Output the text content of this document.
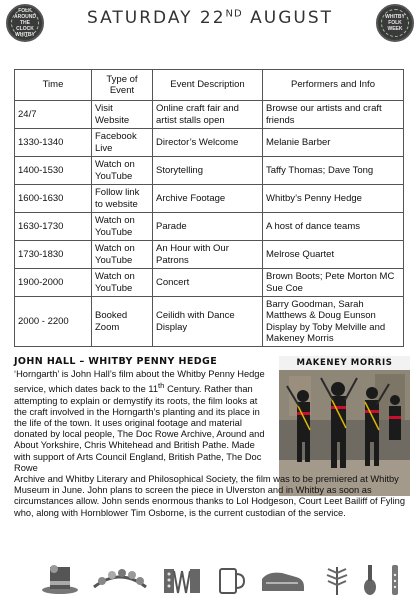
FOLK AROUND THE CLOCK WHITBY
SATURDAY 22ND AUGUST	WHITBY FOLK WEEK
Time	Type of Event	Event Description	Performers and Info
24/7	Visit Website	Online craft fair and artist stalls open	Browse our artists and craft friends
1330-1340	Facebook Live	Director’s Welcome	Melanie Barber
1400-1530	Watch on YouTube	Storytelling	Taffy Thomas; Dave Tong
1600-1630	Follow link to website	Archive Footage	Whitby’s Penny Hedge
1630-1730	Watch on YouTube	Parade	A host of dance teams
1730-1830	Watch on YouTube	An Hour with Our Patrons	Melrose Quartet
1900-2000	Watch on YouTube	Concert	Brown Boots; Pete Morton MC Sue Coe
2000 - 2200	Booked Zoom	Ceilidh with Dance Display	Barry Goodman, Sarah Matthews & Doug Eunson Display by Toby Melville and Makeney Morris
JOHN HALL – WHITBY PENNY HEDGE	MAKENEY MORRIS
‘Horngarth’ is John Hall’s film about the Whitby Penny Hedge service, which dates back to the 11th Century. Rather than attempting to explain or demystify its roots, the film looks at the craft involved in the Horngarth’s planting and its place in the life of the town. It uses original footage and material donated by local people, The Doc Rowe Archive, Around and About Yorkshire, Chris Whitehead and British Pathe. Made with support of Arts Council England, British Pathe, The Doc Rowe
Archive and Whitby Literary and Philosophical Society, the film was to be premiered at Whitby Museum in June. John plans to screen the piece in Ulverston and in Whitby as soon as circumstances allow. John sends enormous thanks to Lol Hodgeson, Court Leet Bailiff of Fyling who, along with Hornblower Tim Osborne, is the current custodian of the service.
